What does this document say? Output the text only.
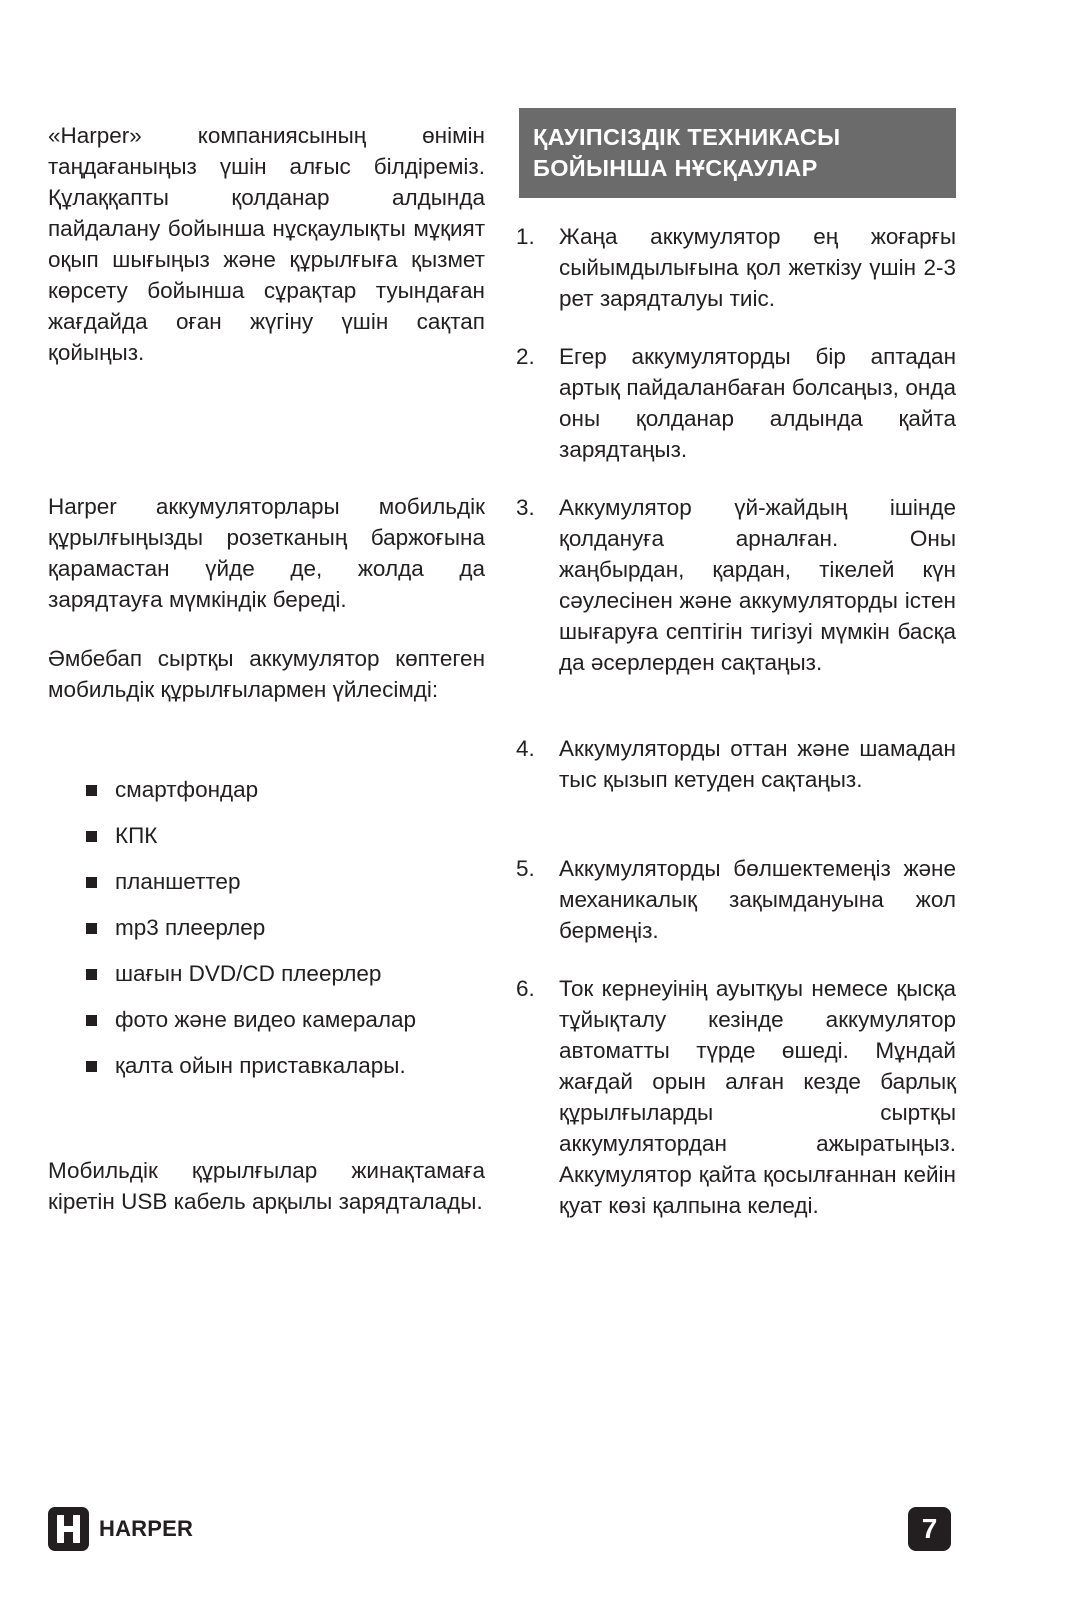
«Harper» компаниясының өнімін таңдағаныңыз үшін алғыс білдіреміз. Құлаққапты қолданар алдында пайдалану бойынша нұсқаулықты мұқият оқып шығыңыз және құрылғыға қызмет көрсету бойынша сұрақтар туындаған жағдайда оған жүгіну үшін сақтап қойыңыз.

Harper аккумуляторлары мобильдік құрылғыңызды розетканың баржоғына қарамастан үйде де, жолда да зарядтауға мүмкіндік береді.

Әмбебап сыртқы аккумулятор көптеген мобильдік құрылғылармен үйлесімді:

смартфондар
КПК
планшеттер
mp3 плеерлер
шағын DVD/CD плеерлер
фото және видео камералар
қалта ойын приставкалары.

Мобильдік құрылғылар жинақтамаға кіретін USB кабель арқылы зарядталады.

ҚАУІПСІЗДІК ТЕХНИКАСЫ
БОЙЫНША НҰСҚАУЛАР
1.	Жаңа аккумулятор ең жоғарғы сыйымдылығына қол жеткізу үшін 2-3 рет зарядталуы тиіс.
2.	Егер аккумуляторды бір аптадан артық пайдаланбаған болсаңыз, онда оны қолданар алдында қайта зарядтаңыз.
3.	Аккумулятор үй-жайдың ішінде қолдануға арналған. Оны жаңбырдан, қардан, тікелей күн сәулесінен және аккумуляторды істен шығаруға септігін тигізуі мүмкін басқа да әсерлерден сақтаңыз.
4.	Аккумуляторды оттан және шамадан тыс қызып кетуден сақтаңыз.
5.	Аккумуляторды бөлшектемеңіз және механикалық зақымдануына жол бермеңіз.
6.	Ток кернеуінің ауытқуы немесе қысқа тұйықталу кезінде аккумулятор автоматты түрде өшеді. Мұндай жағдай орын алған кезде барлық құрылғыларды сыртқы аккумулятордан ажыратыңыз. Аккумулятор қайта қосылғаннан кейін қуат көзі қалпына келеді.
HARPER	7
